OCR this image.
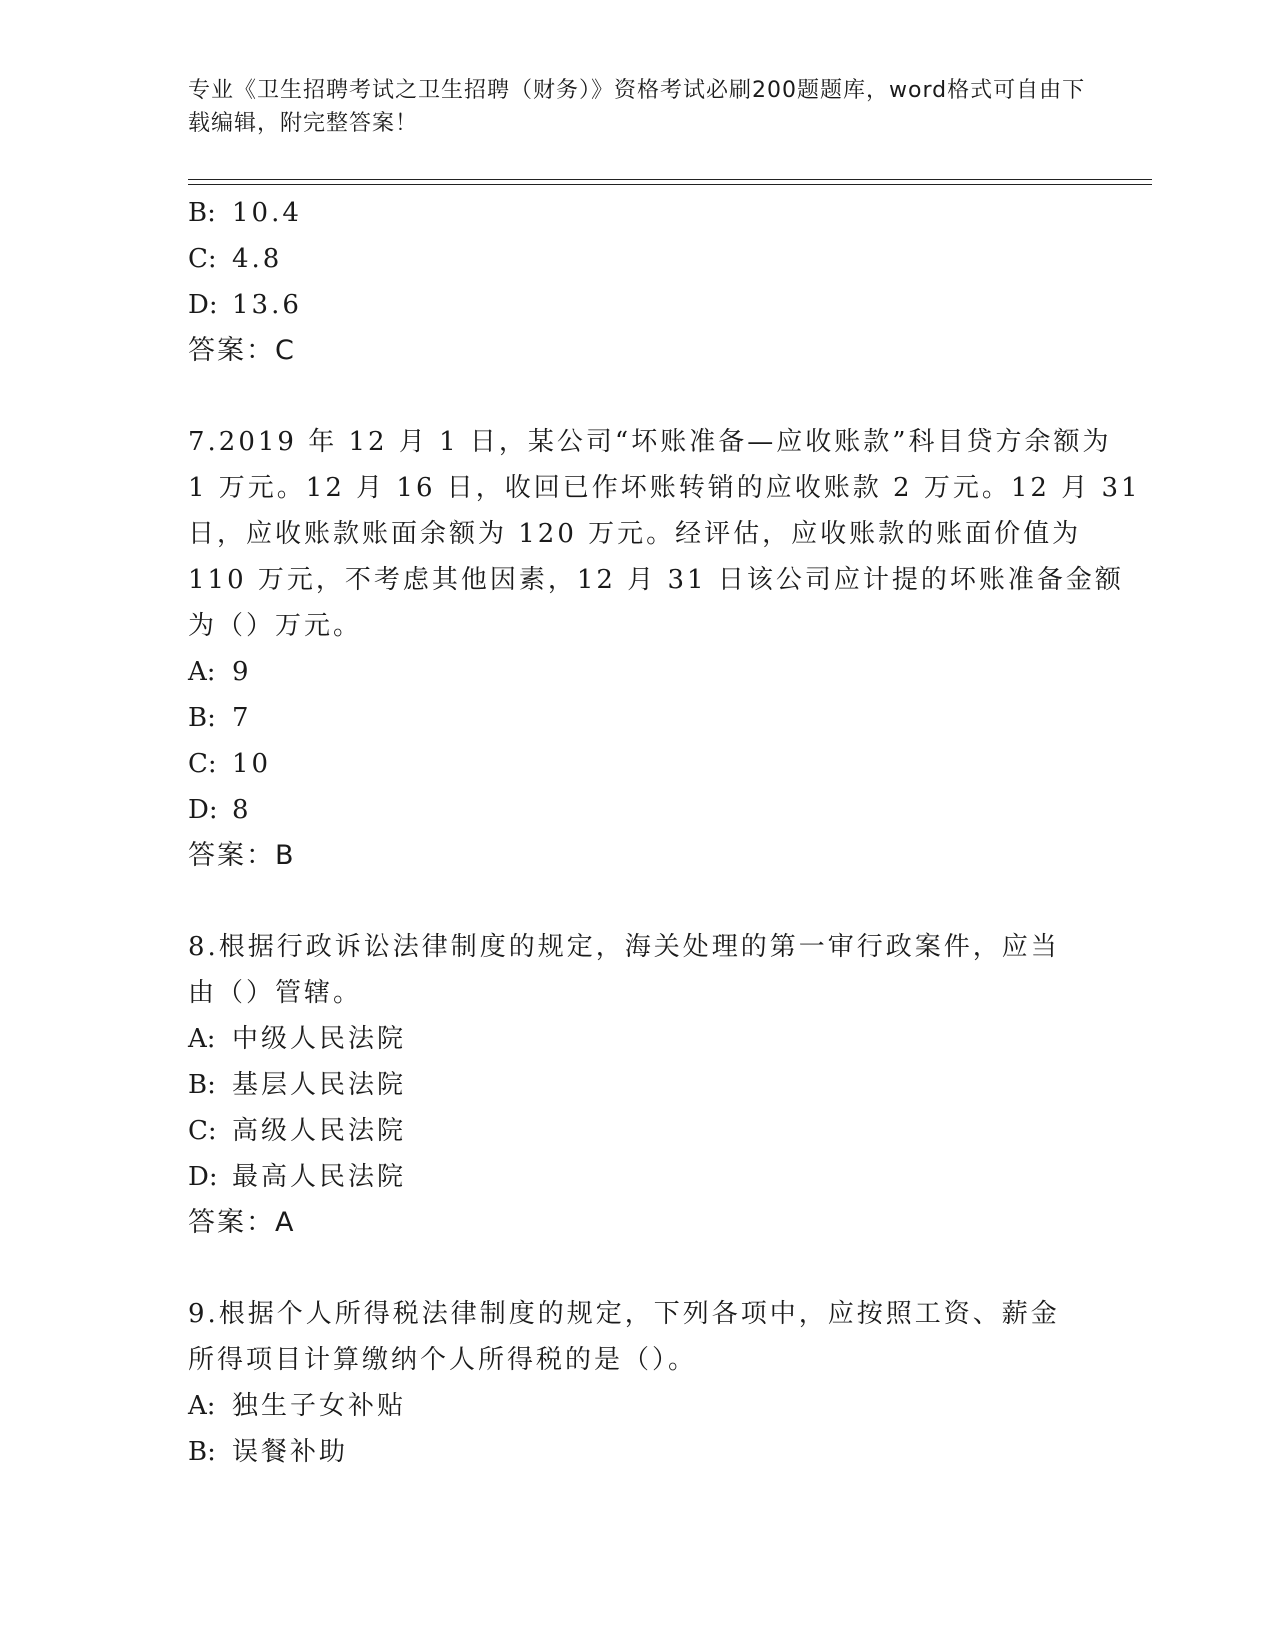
专业《卫生招聘考试之卫生招聘（财务）》资格考试必刷200题题库，word格式可自由下载编辑，附完整答案！
B: 10.4
C: 4.8
D: 13.6
答案：C
7.2019 年 12 月 1 日，某公司“坏账准备—应收账款”科目贷方余额为
1 万元。12 月 16 日，收回已作坏账转销的应收账款 2 万元。12 月 31
日，应收账款账面余额为 120 万元。经评估，应收账款的账面价值为
110 万元，不考虑其他因素，12 月 31 日该公司应计提的坏账准备金额
为（）万元。
A: 9
B: 7
C: 10
D: 8
答案：B
8.根据行政诉讼法律制度的规定，海关处理的第一审行政案件，应当
由（）管辖。
A: 中级人民法院
B: 基层人民法院
C: 高级人民法院
D: 最高人民法院
答案：A
9.根据个人所得税法律制度的规定，下列各项中，应按照工资、薪金
所得项目计算缴纳个人所得税的是（）。
A: 独生子女补贴
B: 误餐补助
